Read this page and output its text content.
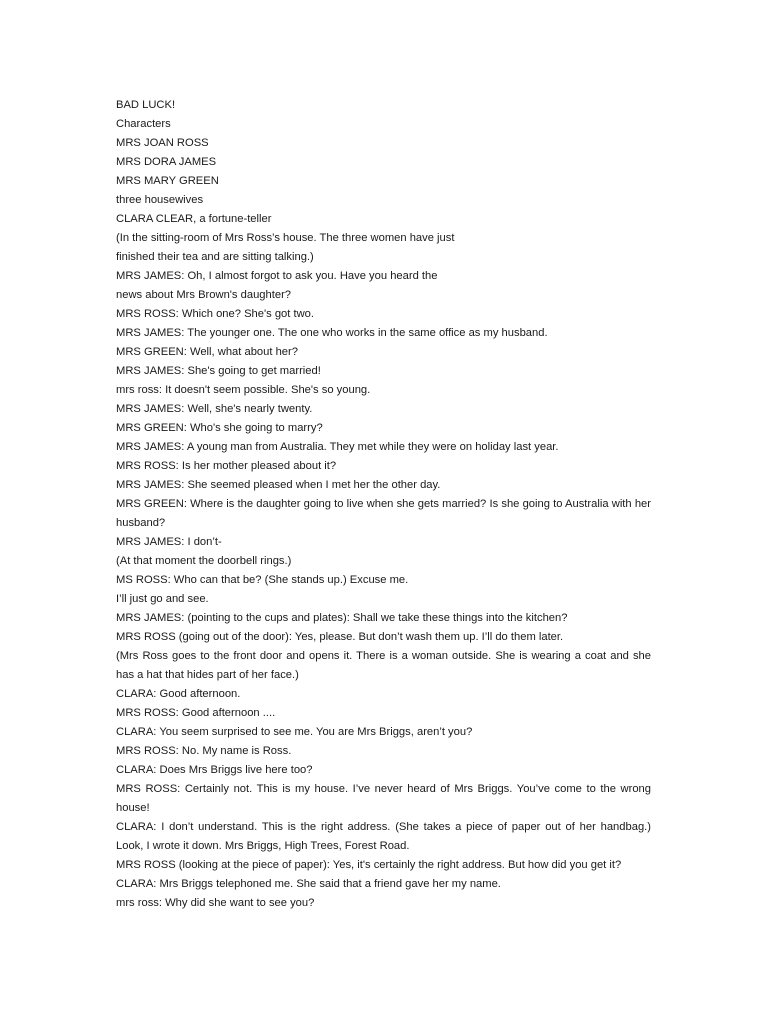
BAD LUCK!
Characters
MRS JOAN ROSS
MRS DORA JAMES
MRS MARY GREEN
three housewives
CLARA CLEAR, a fortune-teller
(In the sitting-room of Mrs Ross’s house. The three women have just
finished their tea and are sitting talking.)
MRS JAMES: Oh, I almost forgot to ask you. Have you heard the
news about Mrs Brown's daughter?
MRS ROSS: Which one? She's got two.
MRS JAMES: The younger one. The one who works in the same office as my husband.
MRS GREEN: Well, what about her?
MRS JAMES: She's going to get married!
mrs ross: It doesn't seem possible. She's so young.
MRS JAMES: Well, she's nearly twenty.
MRS GREEN: Who's she going to marry?
MRS JAMES: A young man from Australia. They met while they were on holiday last year.
MRS ROSS: Is her mother pleased about it?
MRS JAMES: She seemed pleased when I met her the other day.
MRS GREEN: Where is the daughter going to live when she gets married? Is she going to Australia with her husband?
MRS JAMES: I don’t-
(At that moment the doorbell rings.)
MS ROSS: Who can that be? (She stands up.) Excuse me.
I’ll just go and see.
MRS JAMES: (pointing to the cups and plates): Shall we take these things into the kitchen?
MRS ROSS (going out of the door): Yes, please. But don’t wash them up. I’ll do them later.
(Mrs Ross goes to the front door and opens it. There is a woman outside. She is wearing a coat and she has a hat that hides part of her face.)
CLARA: Good afternoon.
MRS ROSS: Good afternoon ....
CLARA: You seem surprised to see me. You are Mrs Briggs, aren’t you?
MRS ROSS: No. My name is Ross.
CLARA: Does Mrs Briggs live here too?
MRS ROSS: Certainly not. This is my house. I’ve never heard of Mrs Briggs. You’ve come to the wrong house!
CLARA: I don’t understand. This is the right address. (She takes a piece of paper out of her handbag.) Look, I wrote it down. Mrs Briggs, High Trees, Forest Road.
MRS ROSS (looking at the piece of paper): Yes, it's certainly the right address. But how did you get it?
CLARA: Mrs Briggs telephoned me. She said that a friend gave her my name.
mrs ross: Why did she want to see you?
